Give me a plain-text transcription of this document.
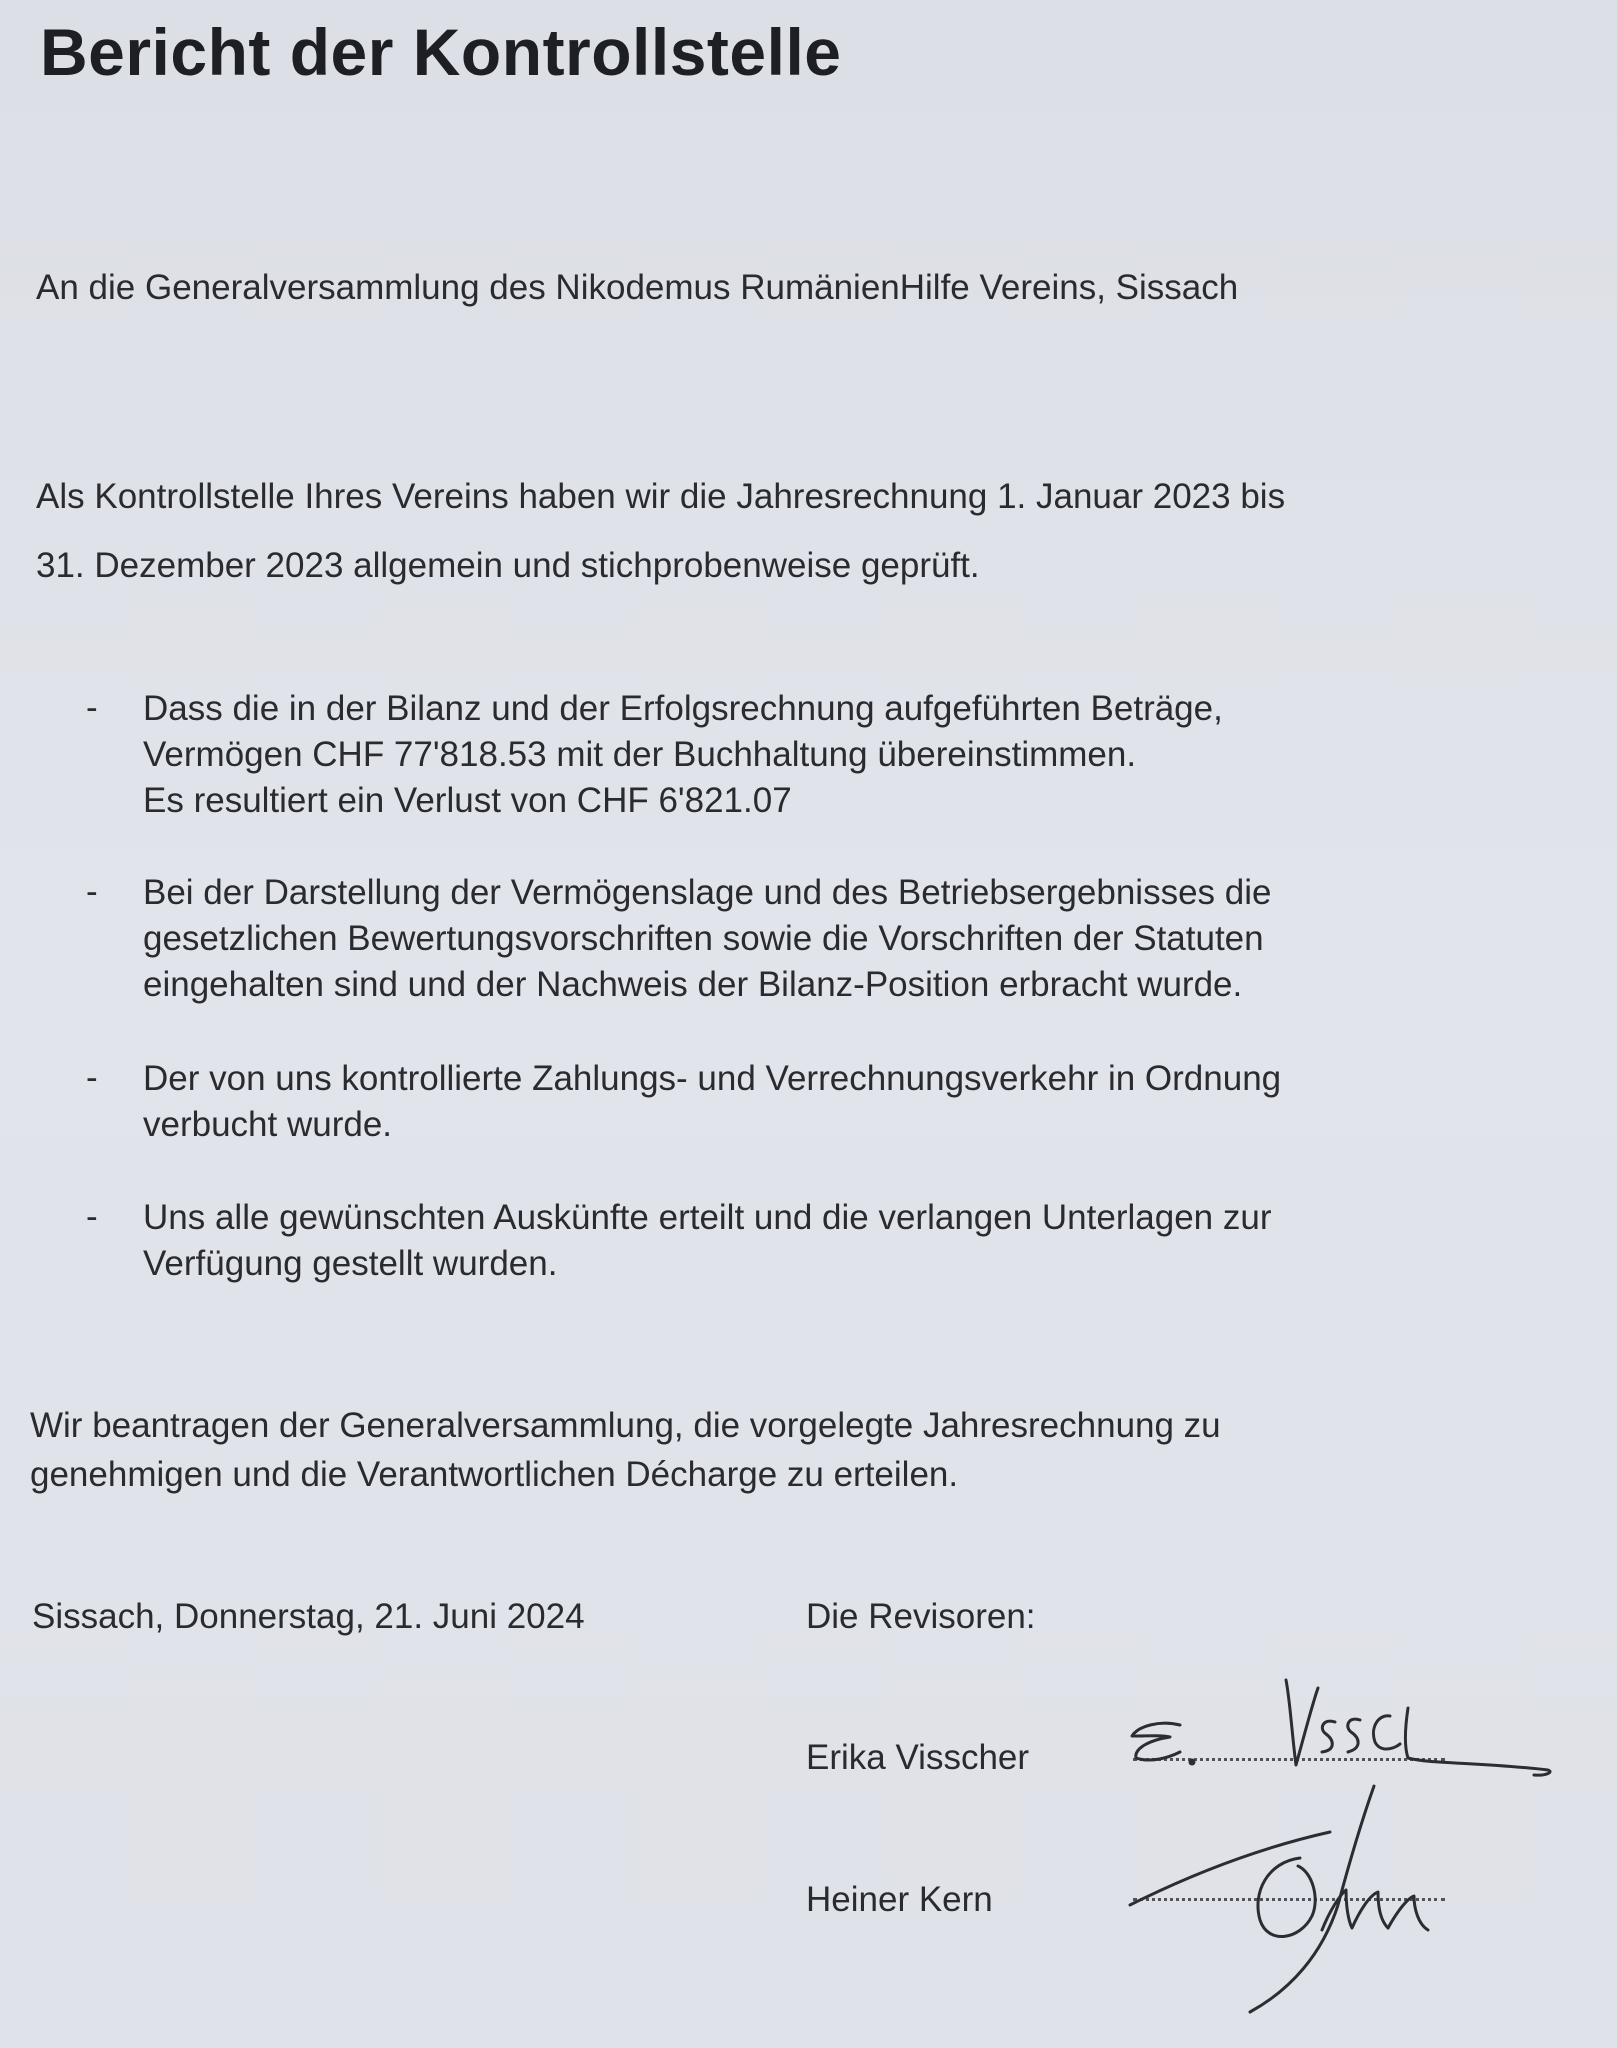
Bericht der Kontrollstelle

An die Generalversammlung des Nikodemus RumänienHilfe Vereins, Sissach

Als Kontrollstelle Ihres Vereins haben wir die Jahresrechnung 1. Januar 2023 bis

31. Dezember 2023 allgemein und stichprobenweise geprüft.

- Dass die in der Bilanz und der Erfolgsrechnung aufgeführten Beträge,
Vermögen CHF 77'818.53 mit der Buchhaltung übereinstimmen.
Es resultiert ein Verlust von CHF 6'821.07
- Bei der Darstellung der Vermögenslage und des Betriebsergebnisses die
gesetzlichen Bewertungsvorschriften sowie die Vorschriften der Statuten
eingehalten sind und der Nachweis der Bilanz-Position erbracht wurde.
- Der von uns kontrollierte Zahlungs- und Verrechnungsverkehr in Ordnung
verbucht wurde.
- Uns alle gewünschten Auskünfte erteilt und die verlangen Unterlagen zur
Verfügung gestellt wurden.

Wir beantragen der Generalversammlung, die vorgelegte Jahresrechnung zu

genehmigen und die Verantwortlichen Décharge zu erteilen.

Sissach, Donnerstag, 21. Juni 2024	Die Revisoren:

Erika Visscher
Heiner Kern
